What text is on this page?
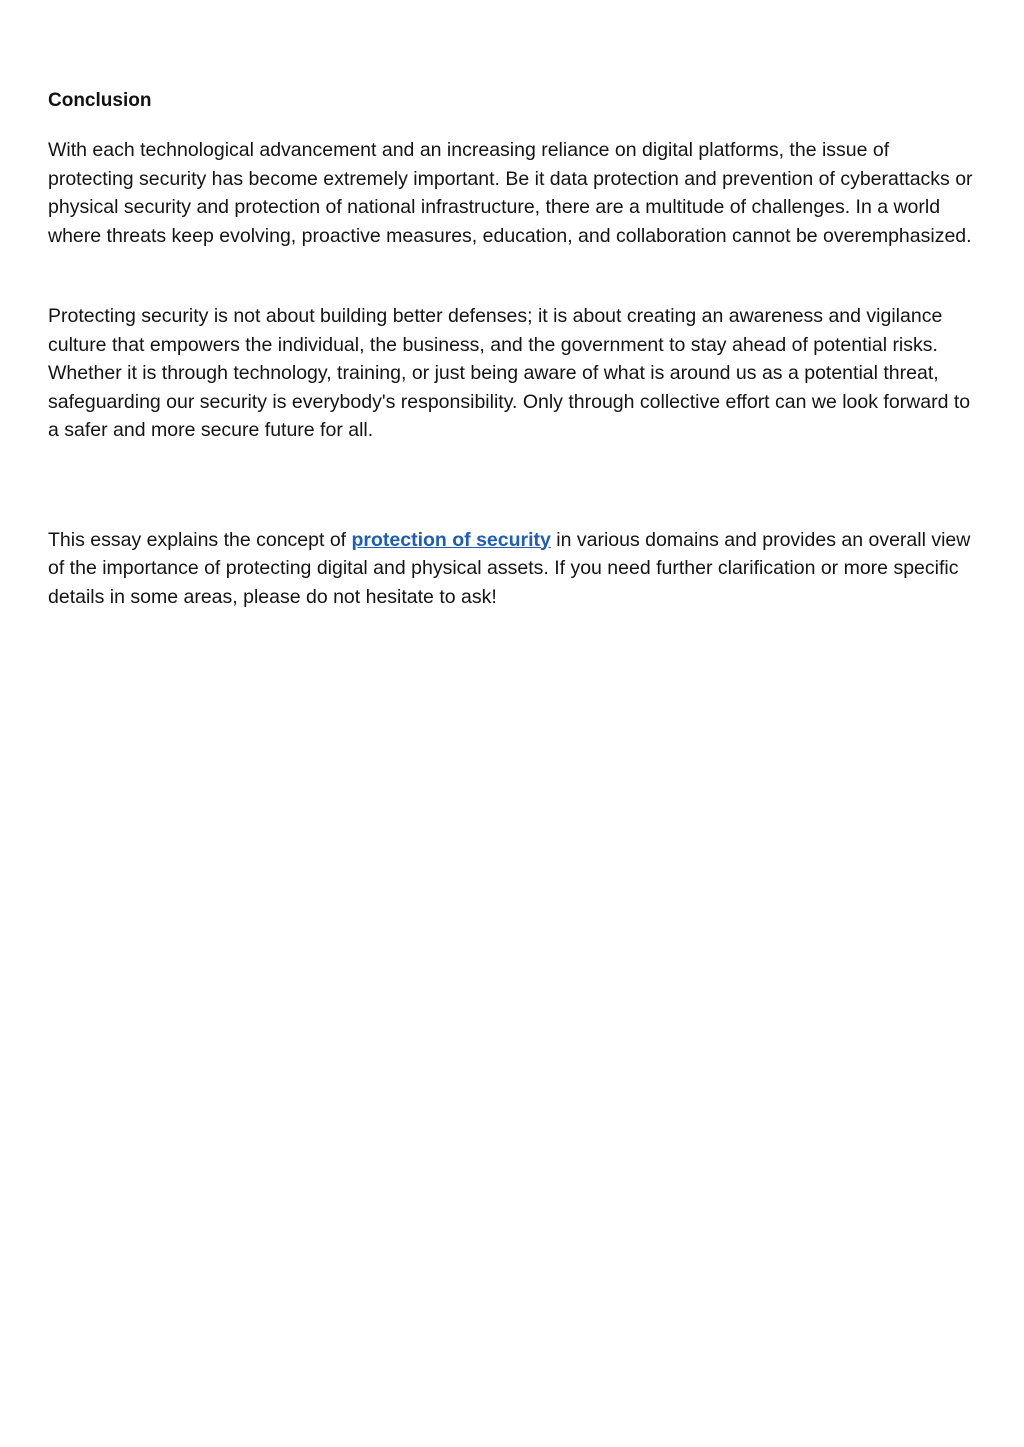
Conclusion

With each technological advancement and an increasing reliance on digital platforms, the issue of protecting security has become extremely important. Be it data protection and prevention of cyberattacks or physical security and protection of national infrastructure, there are a multitude of challenges. In a world where threats keep evolving, proactive measures, education, and collaboration cannot be overemphasized.

Protecting security is not about building better defenses; it is about creating an awareness and vigilance culture that empowers the individual, the business, and the government to stay ahead of potential risks. Whether it is through technology, training, or just being aware of what is around us as a potential threat, safeguarding our security is everybody's responsibility. Only through collective effort can we look forward to a safer and more secure future for all.

This essay explains the concept of protection of security in various domains and provides an overall view of the importance of protecting digital and physical assets. If you need further clarification or more specific details in some areas, please do not hesitate to ask!
